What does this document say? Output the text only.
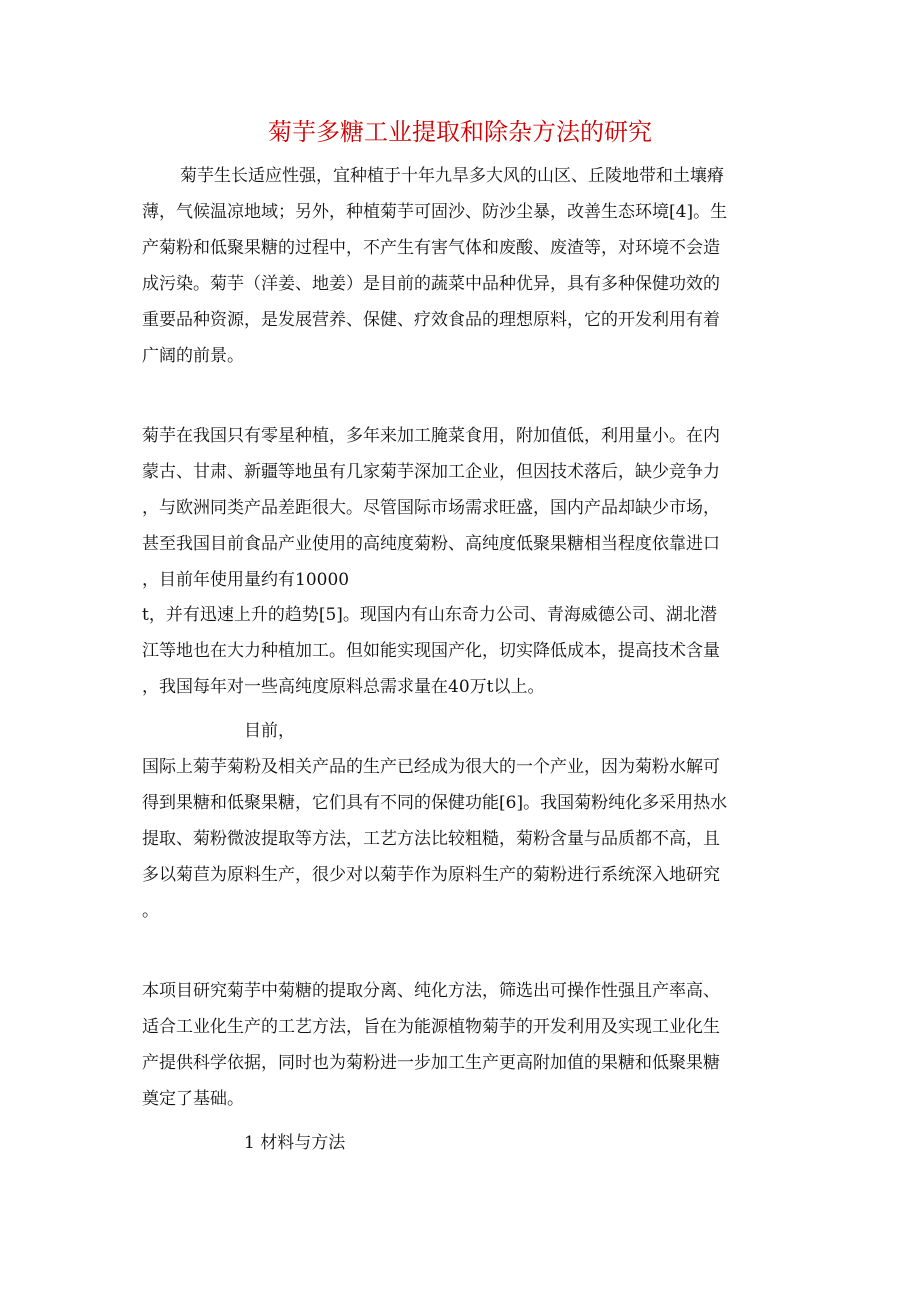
菊芋多糖工业提取和除杂方法的研究
菊芋生长适应性强，宜种植于十年九旱多大风的山区、丘陵地带和土壤瘠
薄，气候温凉地域；另外，种植菊芋可固沙、防沙尘暴，改善生态环境[4]。生
产菊粉和低聚果糖的过程中，不产生有害气体和废酸、废渣等，对环境不会造
成污染。菊芋（洋姜、地姜）是目前的蔬菜中品种优异，具有多种保健功效的
重要品种资源，是发展营养、保健、疗效食品的理想原料，它的开发利用有着
广阔的前景。
菊芋在我国只有零星种植，多年来加工腌菜食用，附加值低，利用量小。在内
蒙古、甘肃、新疆等地虽有几家菊芋深加工企业，但因技术落后，缺少竞争力
，与欧洲同类产品差距很大。尽管国际市场需求旺盛，国内产品却缺少市场，
甚至我国目前食品产业使用的高纯度菊粉、高纯度低聚果糖相当程度依靠进口
，目前年使用量约有10000
t，并有迅速上升的趋势[5]。现国内有山东奇力公司、青海威德公司、湖北潜
江等地也在大力种植加工。但如能实现国产化，切实降低成本，提高技术含量
，我国每年对一些高纯度原料总需求量在40万t以上。
目前，
国际上菊芋菊粉及相关产品的生产已经成为很大的一个产业，因为菊粉水解可
得到果糖和低聚果糖，它们具有不同的保健功能[6]。我国菊粉纯化多采用热水
提取、菊粉微波提取等方法，工艺方法比较粗糙，菊粉含量与品质都不高，且
多以菊苣为原料生产，很少对以菊芋作为原料生产的菊粉进行系统深入地研究
。
本项目研究菊芋中菊糖的提取分离、纯化方法，筛选出可操作性强且产率高、
适合工业化生产的工艺方法，旨在为能源植物菊芋的开发利用及实现工业化生
产提供科学依据，同时也为菊粉进一步加工生产更高附加值的果糖和低聚果糖
奠定了基础。
1 材料与方法
